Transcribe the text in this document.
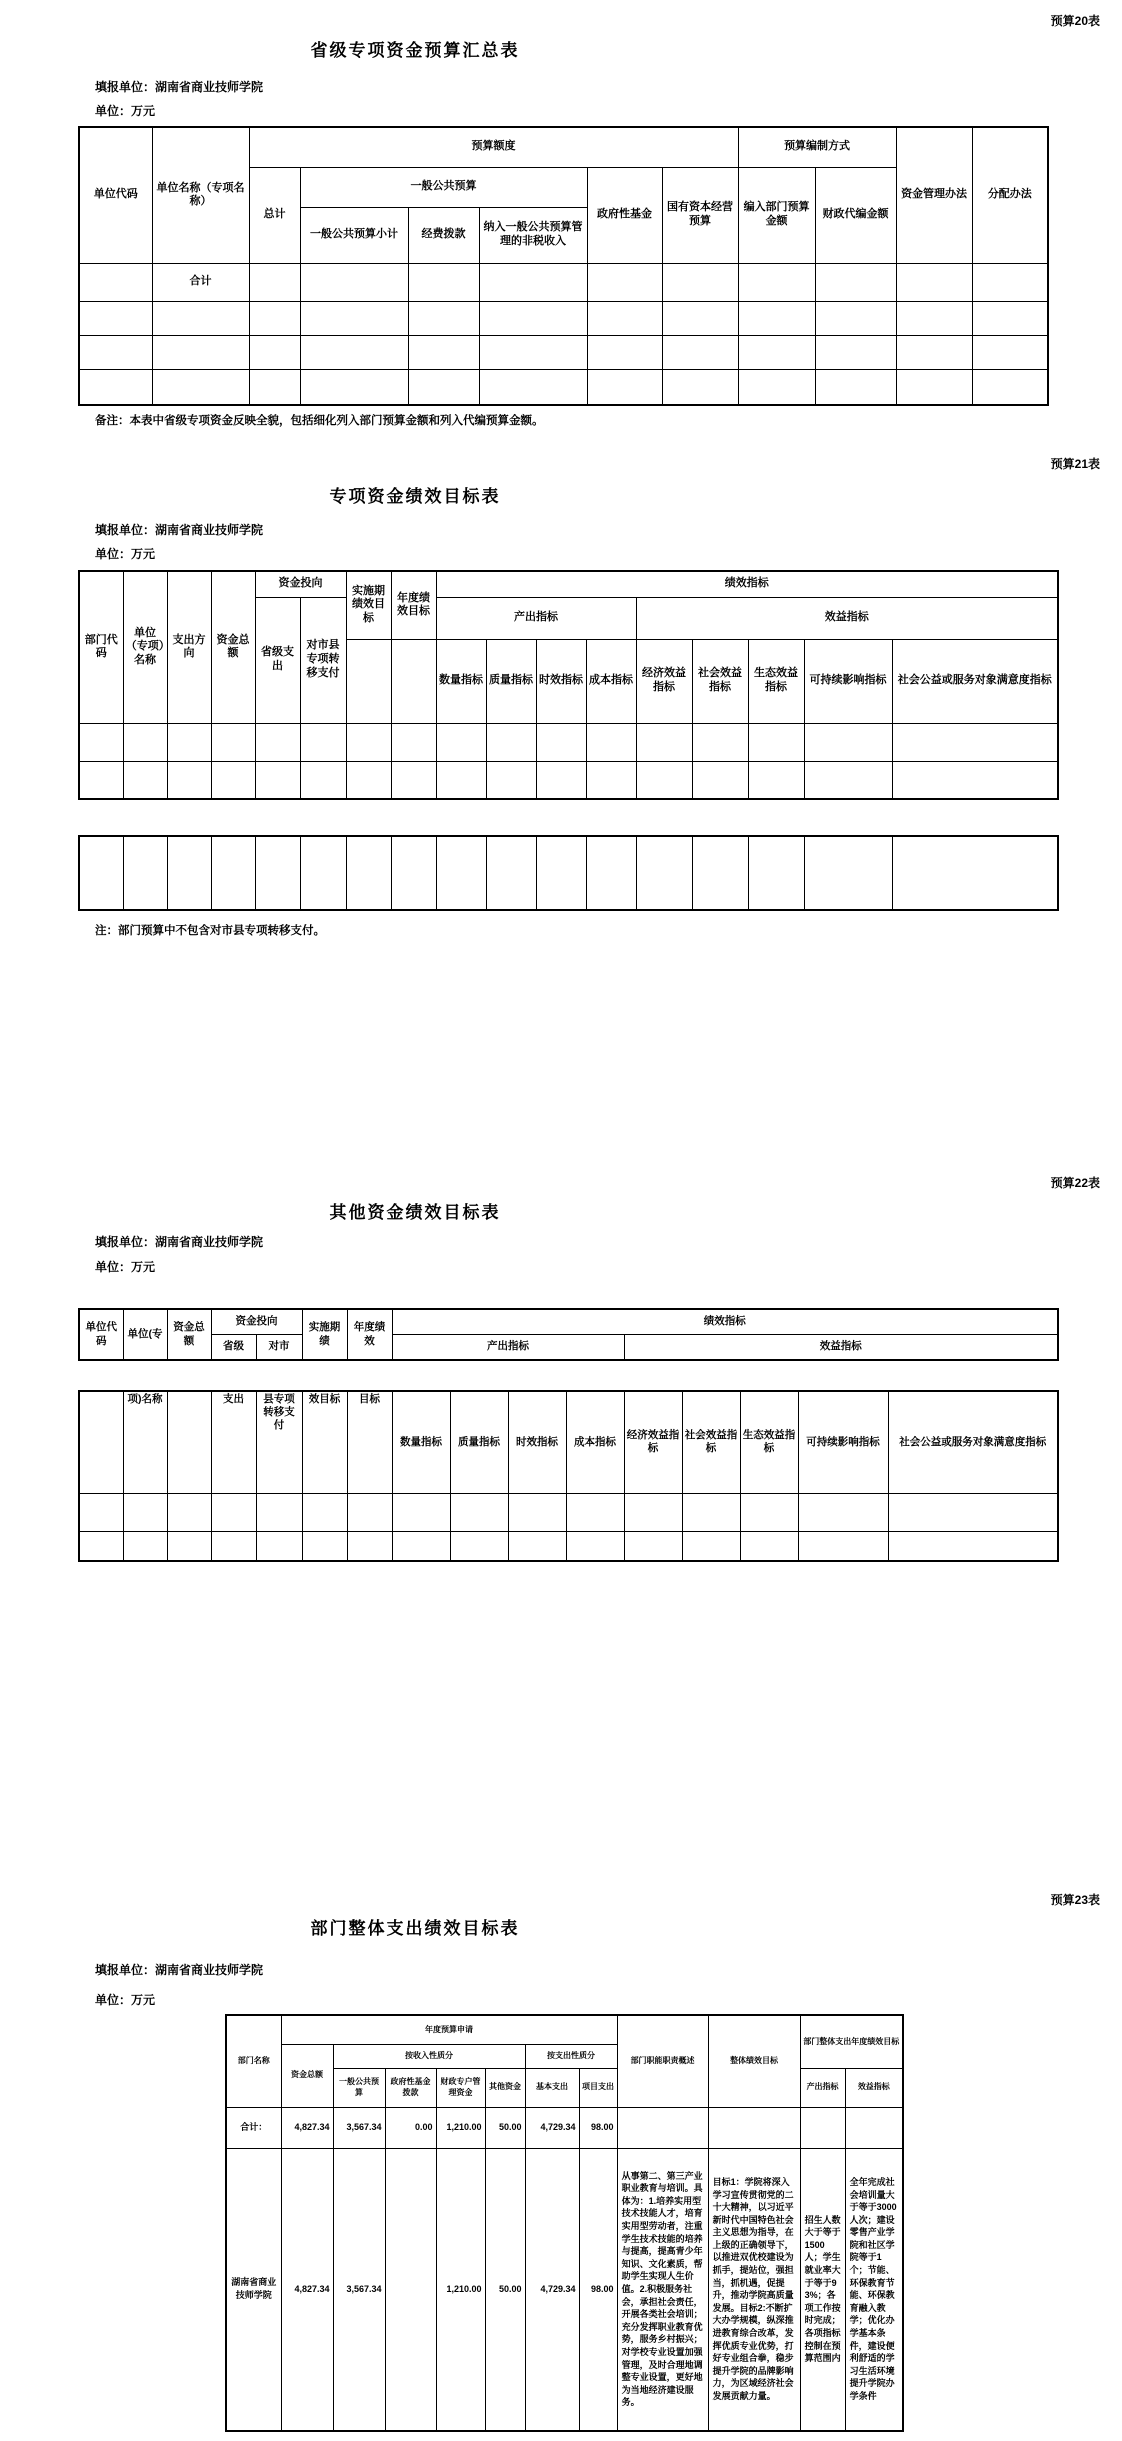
预算20表
省级专项资金预算汇总表
填报单位：湖南省商业技师学院
单位：万元
单位代码	单位名称（专项名称）	预算额度						预算编制方式		资金管理办法	分配办法
		总计	一般公共预算			政府性基金	国有资本经营预算	编入部门预算金额	财政代编金额		
			一般公共预算小计	经费拨款	纳入一般公共预算管理的非税收入						
	合计										

备注：本表中省级专项资金反映全貌，包括细化列入部门预算金额和列入代编预算金额。
预算21表
专项资金绩效目标表
填报单位：湖南省商业技师学院
单位：万元
部门代码	单位（专项）名称	支出方向	资金总额	资金投向		实施期绩效目标	年度绩效目标	绩效指标								
				省级支出	对市县专项转移支付			产出指标				效益指标				
								数量指标	质量指标	时效指标	成本指标	经济效益指标	社会效益指标	生态效益指标	可持续影响指标	社会公益或服务对象满意度指标

注：部门预算中不包含对市县专项转移支付。
预算22表
其他资金绩效目标表
填报单位：湖南省商业技师学院
单位：万元
单位代码	单位(专	资金总额	资金投向		实施期绩	年度绩效	绩效指标	
			省级	对市			产出指标	效益指标
	项)名称		支出	县专项转移支付	效目标	目标	数量指标	质量指标	时效指标	成本指标	经济效益指标	社会效益指标	生态效益指标	可持续影响指标	社会公益或服务对象满意度指标

预算23表
部门整体支出绩效目标表
填报单位：湖南省商业技师学院
单位：万元
部门名称	年度预算申请							部门职能职责概述	整体绩效目标	部门整体支出年度绩效目标	
	资金总额	按收入性质分				按支出性质分					
		一般公共预算	政府性基金拨款	财政专户管理资金	其他资金	基本支出	项目支出			产出指标	效益指标
合计：	4,827.34	3,567.34	0.00	1,210.00	50.00	4,729.34	98.00				
湖南省商业技师学院	4,827.34	3,567.34		1,210.00	50.00	4,729.34	98.00	从事第二、第三产业职业教育与培训。具体为：1.培养实用型技术技能人才，培育实用型劳动者，注重学生技术技能的培养与提高，提高青少年知识、文化素质，帮助学生实现人生价值。2.积极服务社会，承担社会责任，开展各类社会培训；充分发挥职业教育优势，服务乡村振兴；对学校专业设置加强管理，及时合理地调整专业设置，更好地为当地经济建设服务。	目标1：学院将深入学习宣传贯彻党的二十大精神，以习近平新时代中国特色社会主义思想为指导，在上级的正确领导下，以推进双优校建设为抓手，提站位，强担当，抓机遇，促提升，推动学院高质量发展。目标2:不断扩大办学规模，纵深推进教育综合改革，发挥优质专业优势，打好专业组合拳，稳步提升学院的品牌影响力，为区域经济社会发展贡献力量。	招生人数大于等于1500人；学生就业率大于等于93%；各项工作按时完成；各项指标控制在预算范围内	全年完成社会培训量大于等于3000人次；建设零售产业学院和社区学院等于1个；节能、环保教育节能、环保教育融入教学；优化办学基本条件，建设便利舒适的学习生活环境提升学院办学条件
